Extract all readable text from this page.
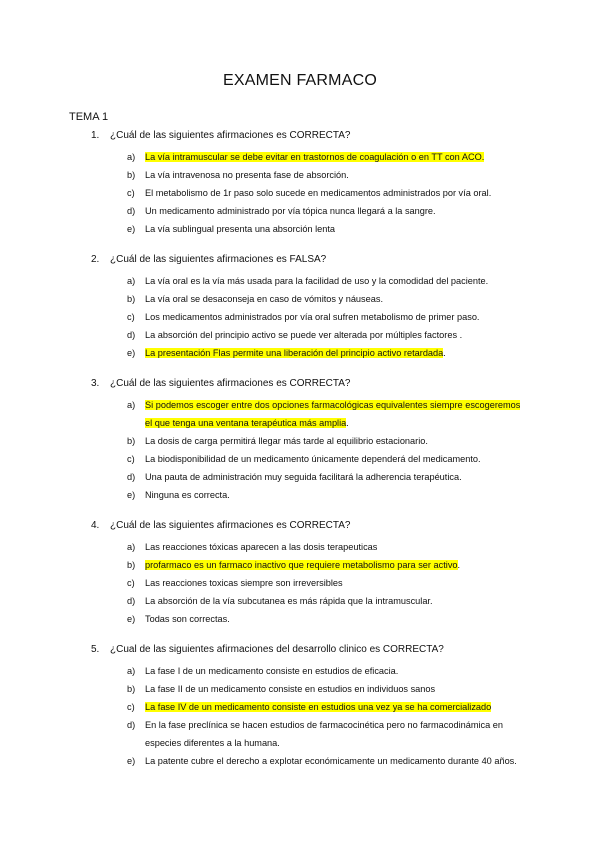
EXAMEN FARMACO
TEMA 1
1. ¿Cuál de las siguientes afirmaciones es CORRECTA?
a) La vía intramuscular se debe evitar en trastornos de coagulación o en TT con ACO.
b) La vía intravenosa no presenta fase de absorción.
c) El metabolismo de 1r paso solo sucede en medicamentos administrados por vía oral.
d) Un medicamento administrado por vía tópica nunca llegará a la sangre.
e) La vía sublingual presenta una absorción lenta
2. ¿Cuál de las siguientes afirmaciones es FALSA?
a) La vía oral es la vía más usada para la facilidad de uso y la comodidad del paciente.
b) La vía oral se desaconseja en caso de vómitos y náuseas.
c) Los medicamentos administrados por vía oral sufren metabolismo de primer paso.
d) La absorción del principio activo se puede ver alterada por múltiples factores .
e) La presentación Flas permite una liberación del principio activo retardada.
3. ¿Cuál de las siguientes afirmaciones es CORRECTA?
a) Si podemos escoger entre dos opciones farmacológicas equivalentes siempre escogeremos el que tenga una ventana terapéutica más amplia.
b) La dosis de carga permitirá llegar más tarde al equilibrio estacionario.
c) La biodisponibilidad de un medicamento únicamente dependerá del medicamento.
d) Una pauta de administración muy seguida facilitará la adherencia terapéutica.
e) Ninguna es correcta.
4. ¿Cuál de las siguientes afirmaciones es CORRECTA?
a) Las reacciones tóxicas aparecen a las dosis terapeuticas
b) profarmaco es un farmaco inactivo que requiere metabolismo para ser activo.
c) Las reacciones toxicas siempre son irreversibles
d) La absorción de la vía subcutanea es más rápida que la intramuscular.
e) Todas son correctas.
5. ¿Cual de las siguientes afirmaciones del desarrollo clinico es CORRECTA?
a) La fase I de un medicamento consiste en estudios de eficacia.
b) La fase II de un medicamento consiste en estudios en individuos sanos
c) La fase IV de un medicamento consiste en estudios una vez ya se ha comercializado
d) En la fase preclínica se hacen estudios de farmacocinética pero no farmacodinámica en especies diferentes a la humana.
e) La patente cubre el derecho a explotar económicamente un medicamento durante 40 años.
